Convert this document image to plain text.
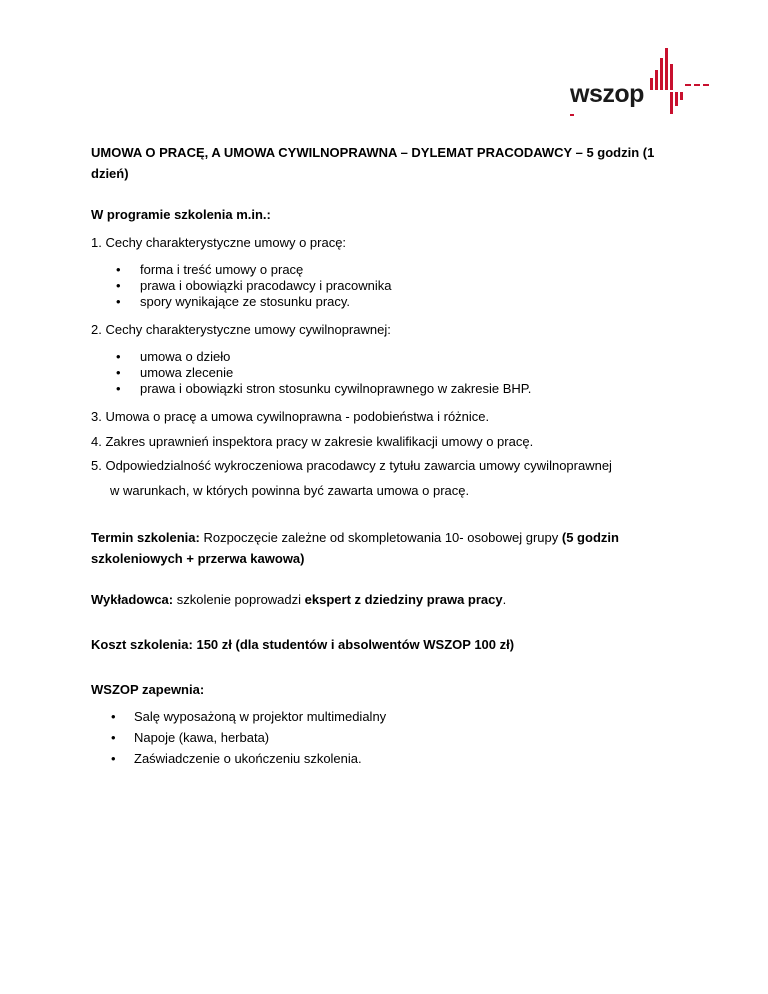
wszop
UMOWA O PRACĘ, A UMOWA CYWILNOPRAWNA – DYLEMAT PRACODAWCY – 5 godzin (1 dzień)
W programie szkolenia m.in.:
1. Cechy charakterystyczne umowy o pracę:
• forma i treść umowy o pracę
• prawa i obowiązki pracodawcy i pracownika
• spory wynikające ze stosunku pracy.
2. Cechy charakterystyczne umowy cywilnoprawnej:
• umowa o dzieło
• umowa zlecenie
• prawa i obowiązki stron stosunku cywilnoprawnego w zakresie BHP.
3. Umowa o pracę a umowa cywilnoprawna - podobieństwa i różnice.
4. Zakres uprawnień inspektora pracy w zakresie kwalifikacji umowy o pracę.
5. Odpowiedzialność wykroczeniowa pracodawcy z tytułu zawarcia umowy cywilnoprawnej
w warunkach, w których powinna być zawarta umowa o pracę.
Termin szkolenia: Rozpoczęcie zależne od skompletowania 10- osobowej grupy (5 godzin szkoleniowych + przerwa kawowa)
Wykładowca: szkolenie poprowadzi ekspert z dziedziny prawa pracy.
Koszt szkolenia: 150 zł (dla studentów i absolwentów WSZOP 100 zł)
WSZOP zapewnia:
• Salę wyposażoną w projektor multimedialny
• Napoje (kawa, herbata)
• Zaświadczenie o ukończeniu szkolenia.
